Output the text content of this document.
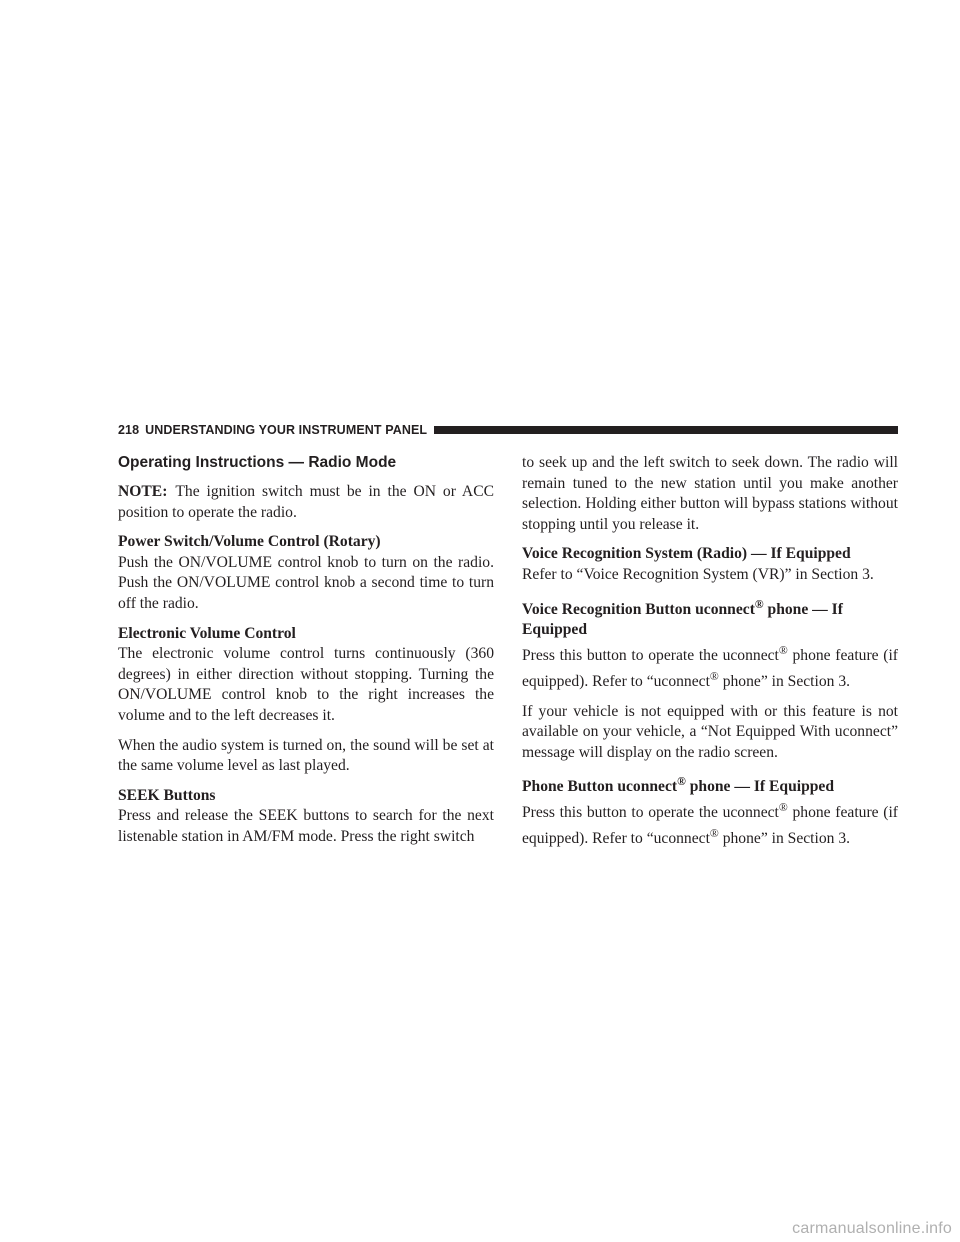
218 UNDERSTANDING YOUR INSTRUMENT PANEL
Operating Instructions — Radio Mode

NOTE: The ignition switch must be in the ON or ACC position to operate the radio.

Power Switch/Volume Control (Rotary)

Push the ON/VOLUME control knob to turn on the radio. Push the ON/VOLUME control knob a second time to turn off the radio.

Electronic Volume Control

The electronic volume control turns continuously (360 degrees) in either direction without stopping. Turning the ON/VOLUME control knob to the right increases the volume and to the left decreases it.

When the audio system is turned on, the sound will be set at the same volume level as last played.

SEEK Buttons

Press and release the SEEK buttons to search for the next listenable station in AM/FM mode. Press the right switch

to seek up and the left switch to seek down. The radio will remain tuned to the new station until you make another selection. Holding either button will bypass stations without stopping until you release it.

Voice Recognition System (Radio) — If Equipped

Refer to “Voice Recognition System (VR)” in Section 3.

Voice Recognition Button uconnect® phone — If Equipped

Press this button to operate the uconnect® phone feature (if equipped). Refer to “uconnect® phone” in Section 3.

If your vehicle is not equipped with or this feature is not available on your vehicle, a “Not Equipped With uconnect” message will display on the radio screen.

Phone Button uconnect® phone — If Equipped

Press this button to operate the uconnect® phone feature (if equipped). Refer to “uconnect® phone” in Section 3.

carmanualsonline.info
